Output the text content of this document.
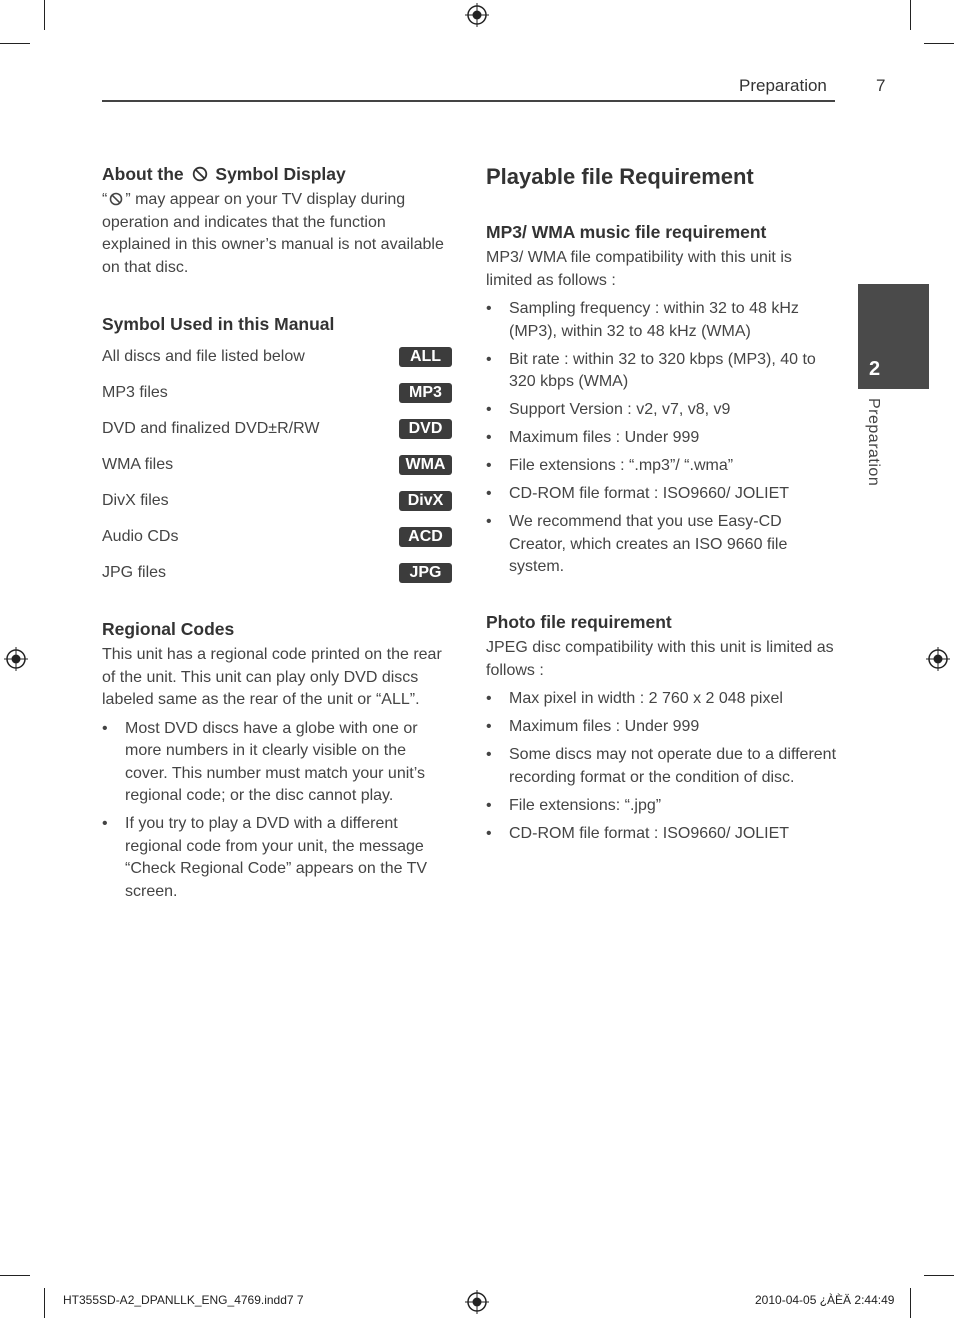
Preparation	7
2
Preparation
About the Symbol Display

“ ” may appear on your TV display during operation and indicates that the function explained in this owner’s manual is not available on that disc.

Symbol Used in this Manual
All discs and file listed below	ALL
MP3 files	MP3
DVD and finalized DVD±R/RW	DVD
WMA files	WMA
DivX files	DivX
Audio CDs	ACD
JPG files	JPG
Regional Codes

This unit has a regional code printed on the rear of the unit. This unit can play only DVD discs labeled same as the rear of the unit or “ALL”.

• Most DVD discs have a globe with one or more numbers in it clearly visible on the cover. This number must match your unit’s regional code; or the disc cannot play.
• If you try to play a DVD with a different regional code from your unit, the message “Check Regional Code” appears on the TV screen.
Playable file Requirement
MP3/ WMA music file requirement

MP3/ WMA file compatibility with this unit is limited as follows :

• Sampling frequency : within 32 to 48 kHz (MP3), within 32 to 48 kHz (WMA)
• Bit rate : within 32 to 320 kbps (MP3), 40 to 320 kbps (WMA)
• Support Version : v2, v7, v8, v9
• Maximum files : Under 999
• File extensions : “.mp3”/ “.wma”
• CD-ROM file format : ISO9660/ JOLIET
• We recommend that you use Easy-CD Creator, which creates an ISO 9660 file system.
Photo file requirement

JPEG disc compatibility with this unit is limited as follows :

• Max pixel in width : 2 760 x 2 048 pixel
• Maximum files : Under 999
• Some discs may not operate due to a different recording format or the condition of disc.
• File extensions: “.jpg”
• CD-ROM file format : ISO9660/ JOLIET
HT355SD-A2_DPANLLK_ENG_4769.indd7 7	2010-04-05 ¿ÀÈÄ 2:44:49
